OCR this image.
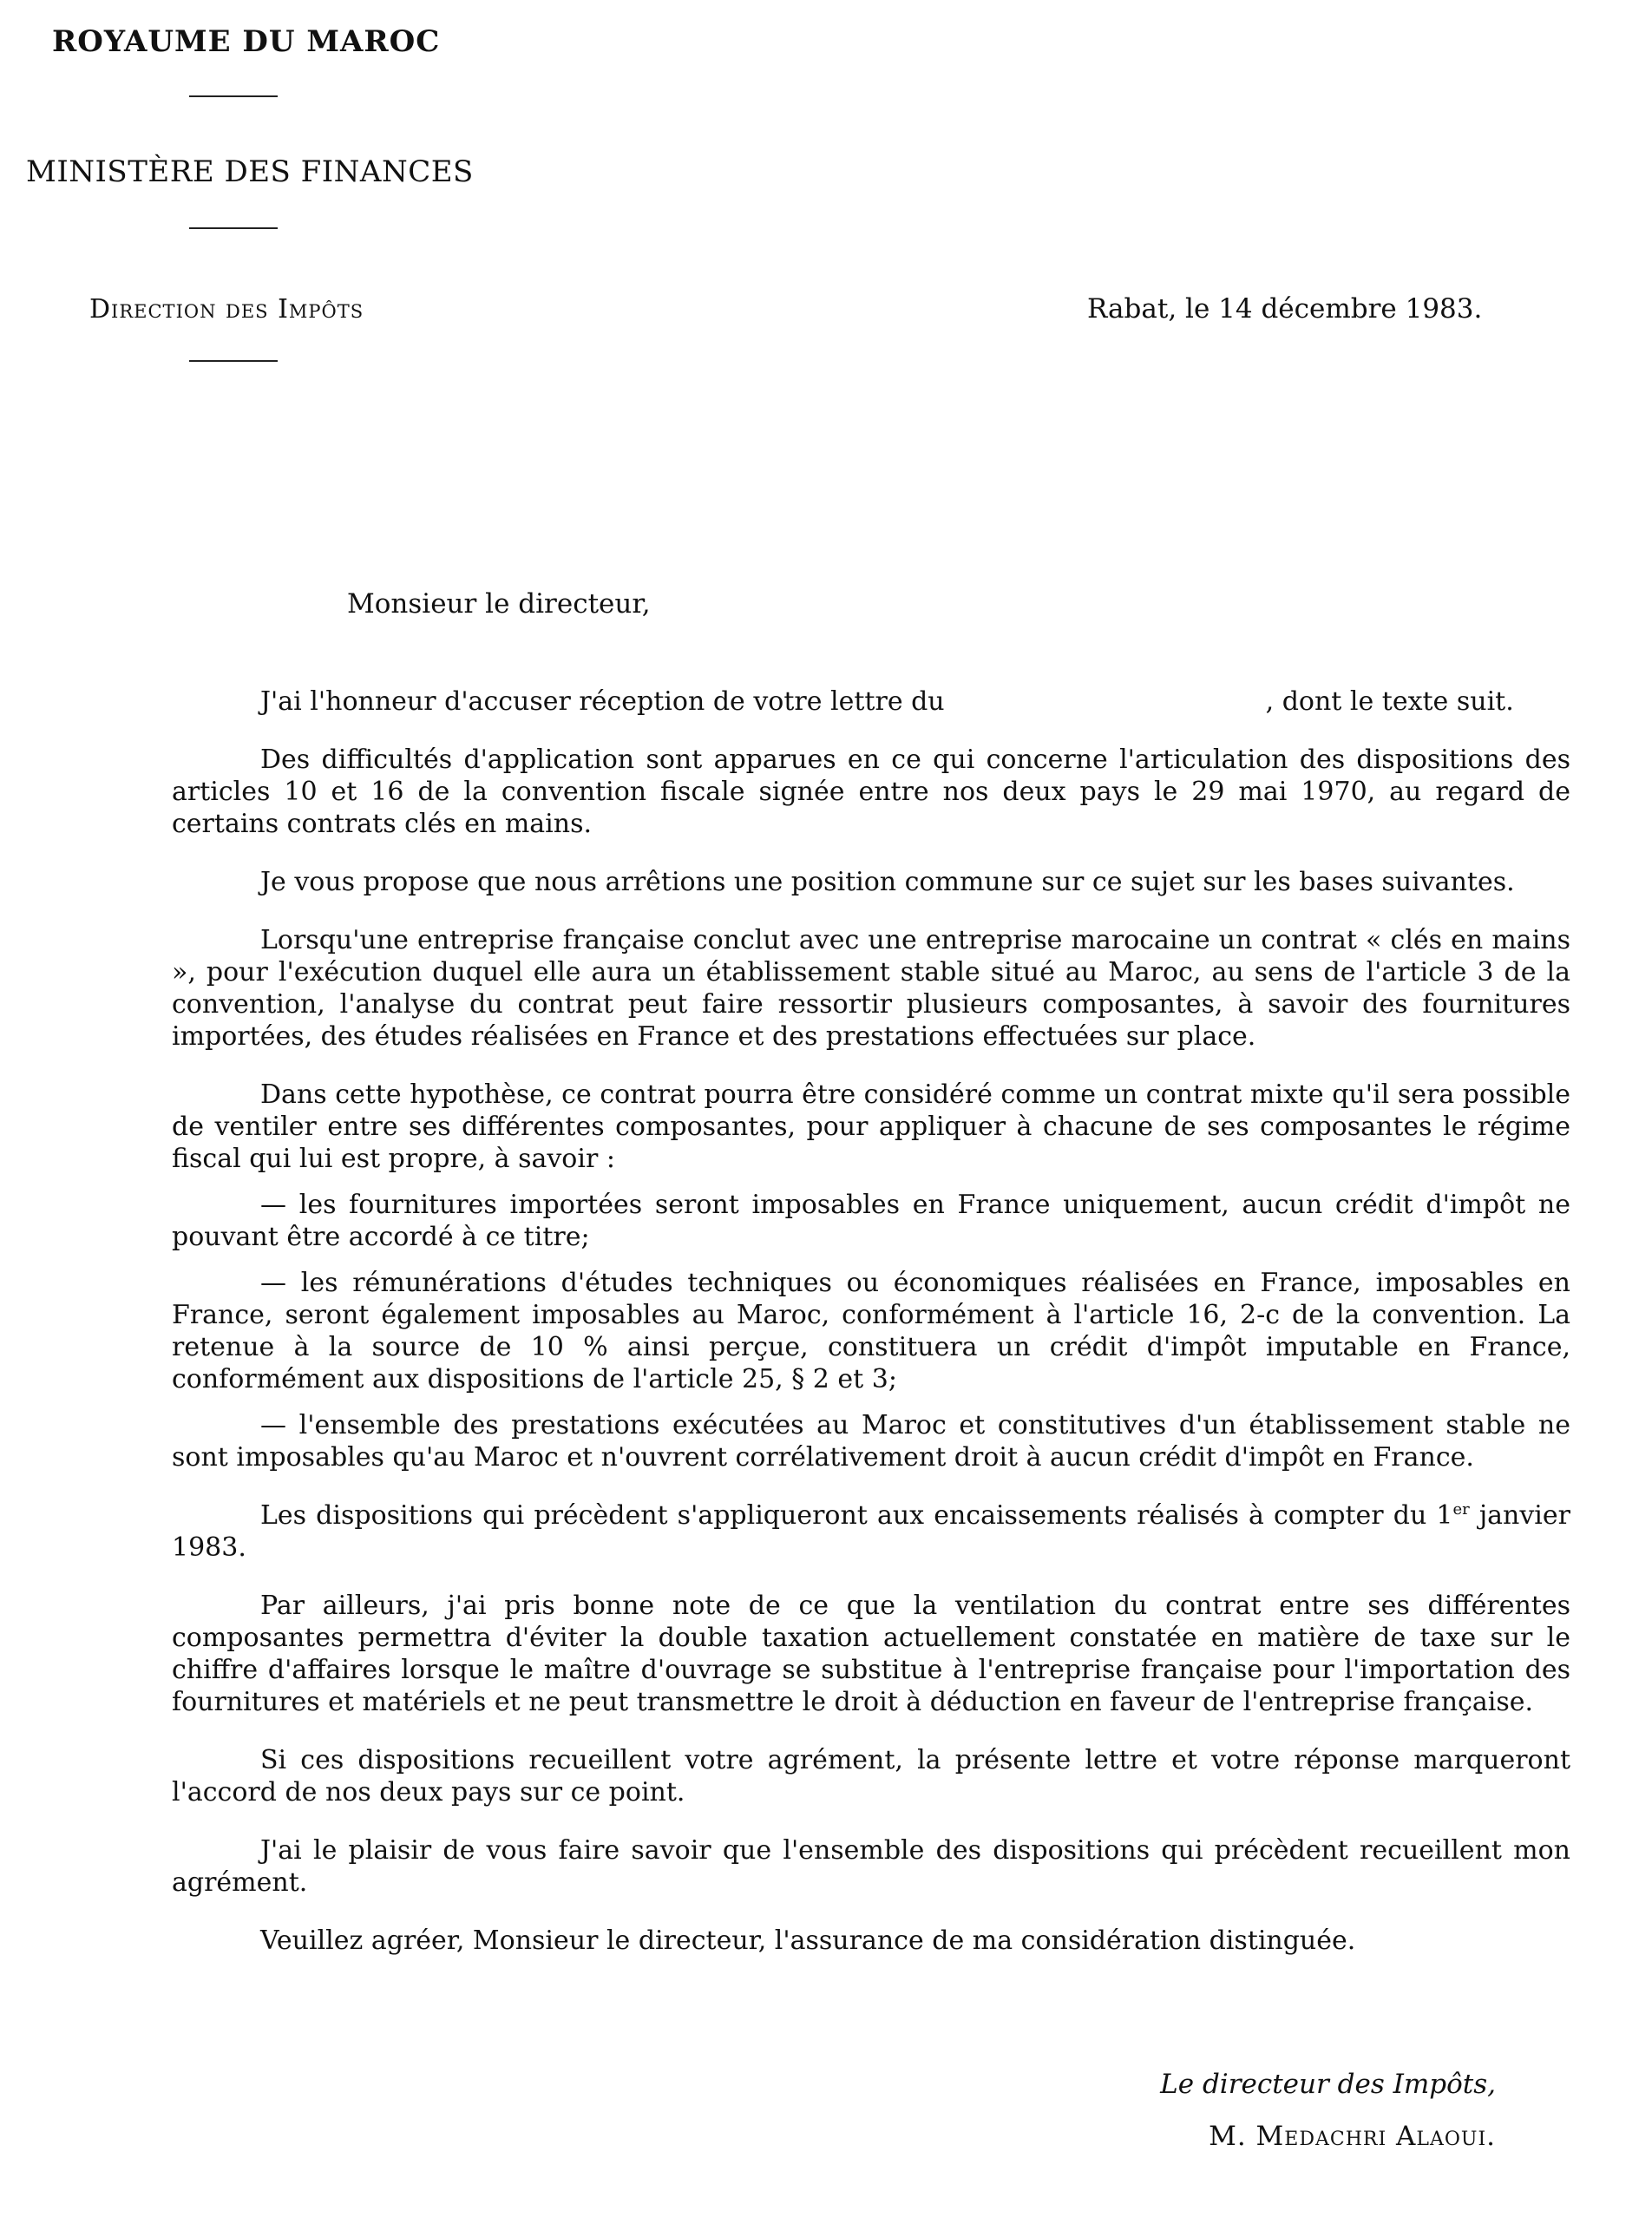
ROYAUME DU MAROC
MINISTÈRE DES FINANCES
Direction des Impôts	Rabat, le 14 décembre 1983.
Monsieur le directeur,

J'ai l'honneur d'accuser réception de votre lettre du	, dont le texte suit.

Des difficultés d'application sont apparues en ce qui concerne l'articulation des dispositions des articles 10 et 16 de la convention fiscale signée entre nos deux pays le 29 mai 1970, au regard de certains contrats clés en mains.

Je vous propose que nous arrêtions une position commune sur ce sujet sur les bases suivantes.

Lorsqu'une entreprise française conclut avec une entreprise marocaine un contrat « clés en mains », pour l'exécution duquel elle aura un établissement stable situé au Maroc, au sens de l'article 3 de la convention, l'analyse du contrat peut faire ressortir plusieurs composantes, à savoir des fournitures importées, des études réalisées en France et des prestations effectuées sur place.

Dans cette hypothèse, ce contrat pourra être considéré comme un contrat mixte qu'il sera possible de ventiler entre ses différentes composantes, pour appliquer à chacune de ses composantes le régime fiscal qui lui est propre, à savoir :

— les fournitures importées seront imposables en France uniquement, aucun crédit d'impôt ne pouvant être accordé à ce titre;

— les rémunérations d'études techniques ou économiques réalisées en France, imposables en France, seront également imposables au Maroc, conformément à l'article 16, 2-c de la convention. La retenue à la source de 10 % ainsi perçue, constituera un crédit d'impôt imputable en France, conformément aux dispositions de l'article 25, § 2 et 3;

— l'ensemble des prestations exécutées au Maroc et constitutives d'un établissement stable ne sont imposables qu'au Maroc et n'ouvrent corrélativement droit à aucun crédit d'impôt en France.

Les dispositions qui précèdent s'appliqueront aux encaissements réalisés à compter du 1er janvier 1983.

Par ailleurs, j'ai pris bonne note de ce que la ventilation du contrat entre ses différentes composantes permettra d'éviter la double taxation actuellement constatée en matière de taxe sur le chiffre d'affaires lorsque le maître d'ouvrage se substitue à l'entreprise française pour l'importation des fournitures et matériels et ne peut transmettre le droit à déduction en faveur de l'entreprise française.

Si ces dispositions recueillent votre agrément, la présente lettre et votre réponse marqueront l'accord de nos deux pays sur ce point.

J'ai le plaisir de vous faire savoir que l'ensemble des dispositions qui précèdent recueillent mon agrément.

Veuillez agréer, Monsieur le directeur, l'assurance de ma considération distinguée.

Le directeur des Impôts,
M. Medachri Alaoui.
